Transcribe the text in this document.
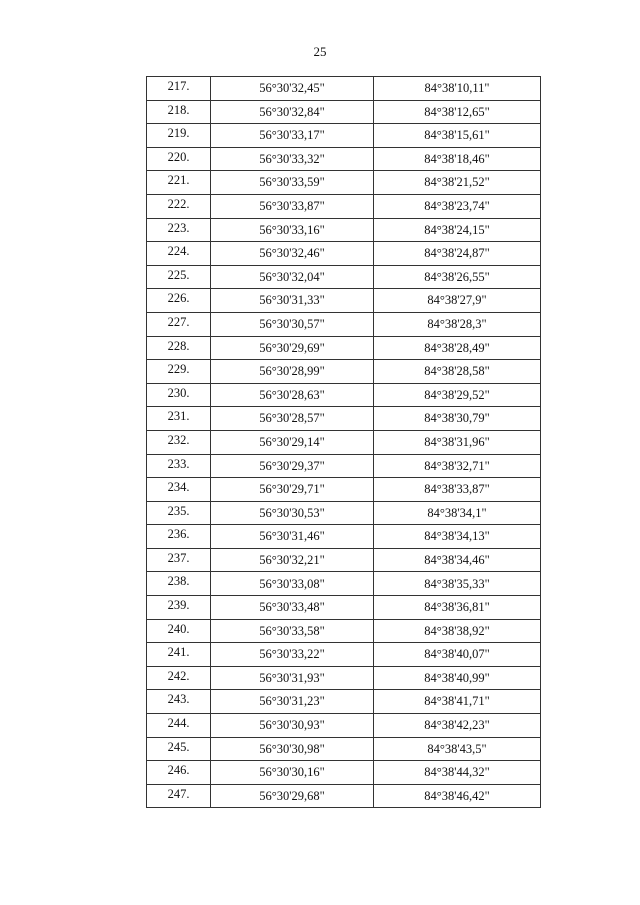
25
217.	56°30'32,45"	84°38'10,11"
218.	56°30'32,84"	84°38'12,65"
219.	56°30'33,17"	84°38'15,61"
220.	56°30'33,32"	84°38'18,46"
221.	56°30'33,59"	84°38'21,52"
222.	56°30'33,87"	84°38'23,74"
223.	56°30'33,16"	84°38'24,15"
224.	56°30'32,46"	84°38'24,87"
225.	56°30'32,04"	84°38'26,55"
226.	56°30'31,33"	84°38'27,9"
227.	56°30'30,57"	84°38'28,3"
228.	56°30'29,69"	84°38'28,49"
229.	56°30'28,99"	84°38'28,58"
230.	56°30'28,63"	84°38'29,52"
231.	56°30'28,57"	84°38'30,79"
232.	56°30'29,14"	84°38'31,96"
233.	56°30'29,37"	84°38'32,71"
234.	56°30'29,71"	84°38'33,87"
235.	56°30'30,53"	84°38'34,1"
236.	56°30'31,46"	84°38'34,13"
237.	56°30'32,21"	84°38'34,46"
238.	56°30'33,08"	84°38'35,33"
239.	56°30'33,48"	84°38'36,81"
240.	56°30'33,58"	84°38'38,92"
241.	56°30'33,22"	84°38'40,07"
242.	56°30'31,93"	84°38'40,99"
243.	56°30'31,23"	84°38'41,71"
244.	56°30'30,93"	84°38'42,23"
245.	56°30'30,98"	84°38'43,5"
246.	56°30'30,16"	84°38'44,32"
247.	56°30'29,68"	84°38'46,42"
